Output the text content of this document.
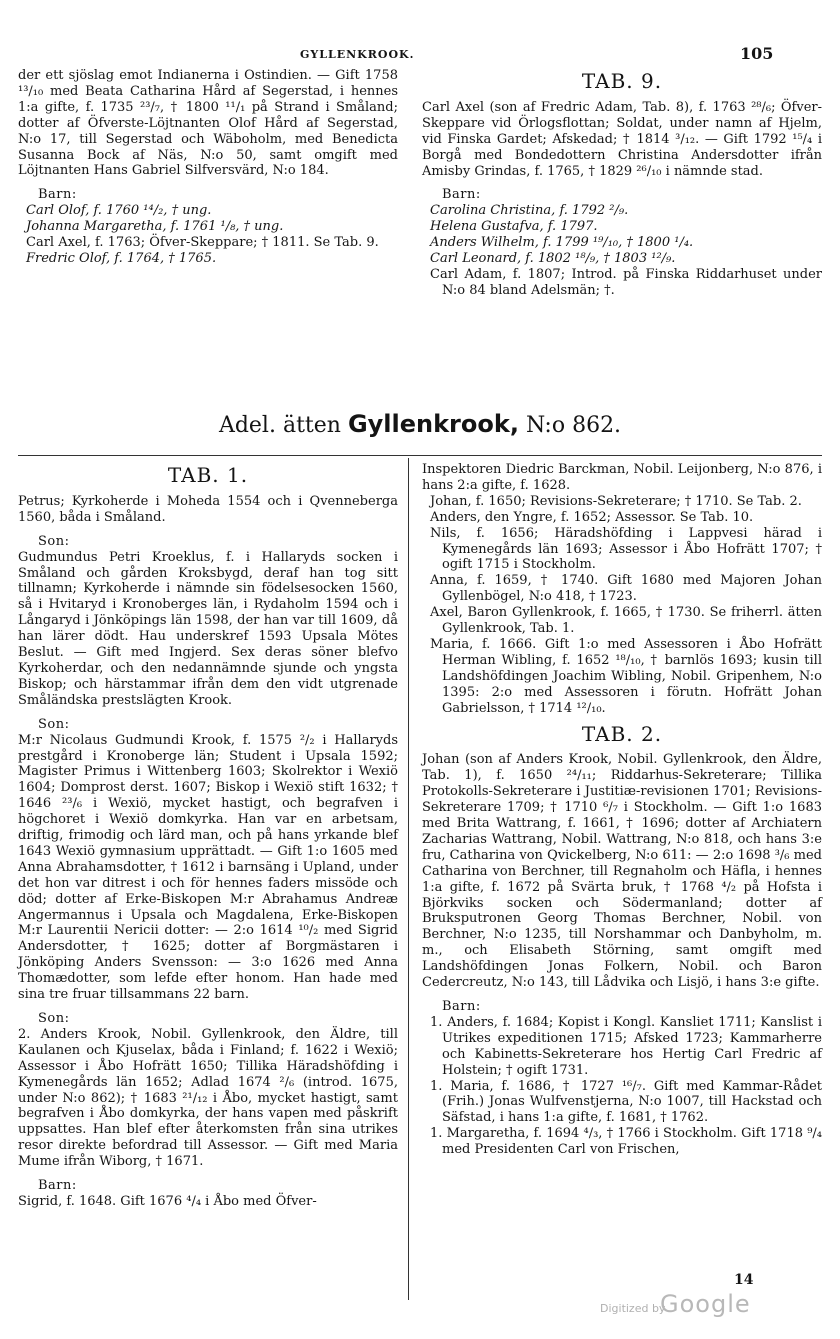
GYLLENKROOK.	105

der ett sjöslag emot Indianerna i Ostindien. — Gift 1758 ¹³/₁₀ med Beata Catharina Hård af Segerstad, i hennes 1:a gifte, f. 1735 ²³/₇, † 1800 ¹¹/₁ på Strand i Småland; dotter af Öfverste-Löjtnanten Olof Hård af Segerstad, N:o 17, till Segerstad och Wäboholm, med Benedicta Susanna Bock af Näs, N:o 50, samt omgift med Löjtnanten Hans Gabriel Silfversvärd, N:o 184.

Barn:

Carl Olof, f. 1760 ¹⁴/₂, † ung.

Johanna Margaretha, f. 1761 ¹/₈, † ung.

Carl Axel, f. 1763; Öfver-Skeppare; † 1811. Se Tab. 9.

Fredric Olof, f. 1764, † 1765.

TAB. 9.

Carl Axel (son af Fredric Adam, Tab. 8), f. 1763 ²⁸/₆; Öfver-Skeppare vid Örlogsflottan; Soldat, under namn af Hjelm, vid Finska Gardet; Afskedad; † 1814 ³/₁₂. — Gift 1792 ¹⁵/₄ i Borgå med Bondedottern Christina Andersdotter ifrån Amisby Grindas, f. 1765, † 1829 ²⁶/₁₀ i nämnde stad.

Barn:

Carolina Christina, f. 1792 ²/₉.

Helena Gustafva, f. 1797.

Anders Wilhelm, f. 1799 ¹⁹/₁₀, † 1800 ¹/₄.

Carl Leonard, f. 1802 ¹⁸/₉, † 1803 ¹²/₉.

Carl Adam, f. 1807; Introd. på Finska Riddarhuset under N:o 84 bland Adelsmän; †.

Adel. ätten Gyllenkrook, N:o 862.
TAB. 1.

Petrus; Kyrkoherde i Moheda 1554 och i Qvenneberga 1560, båda i Småland.

Son:

Gudmundus Petri Kroeklus, f. i Hallaryds socken i Småland och gården Kroksbygd, deraf han tog sitt tillnamn; Kyrkoherde i nämnde sin födelsesocken 1560, så i Hvitaryd i Kronoberges län, i Rydaholm 1594 och i Långaryd i Jönköpings län 1598, der han var till 1609, då han lärer dödt. Hau underskref 1593 Upsala Mötes Beslut. — Gift med Ingjerd. Sex deras söner blefvo Kyrkoherdar, och den nedannämnde sjunde och yngsta Biskop; och härstammar ifrån dem den vidt utgrenade Småländska prestslägten Krook.

Son:

M:r Nicolaus Gudmundi Krook, f. 1575 ²/₂ i Hallaryds prestgård i Kronoberge län; Student i Upsala 1592; Magister Primus i Wittenberg 1603; Skolrektor i Wexiö 1604; Domprost derst. 1607; Biskop i Wexiö stift 1632; † 1646 ²³/₆ i Wexiö, mycket hastigt, och begrafven i högchoret i Wexiö domkyrka. Han var en arbetsam, driftig, frimodig och lärd man, och på hans yrkande blef 1643 Wexiö gymnasium upprättadt. — Gift 1:o 1605 med Anna Abrahamsdotter, † 1612 i barnsäng i Upland, under det hon var ditrest i och för hennes faders missöde och död; dotter af Erke-Biskopen M:r Abrahamus Andreæ Angermannus i Upsala och Magdalena, Erke-Biskopen M:r Laurentii Nericii dotter: — 2:o 1614 ¹⁰/₂ med Sigrid Andersdotter, † 1625; dotter af Borgmästaren i Jönköping Anders Svensson: — 3:o 1626 med Anna Thomædotter, som lefde efter honom. Han hade med sina tre fruar tillsammans 22 barn.

Son:

2. Anders Krook, Nobil. Gyllenkrook, den Äldre, till Kaulanen och Kjuselax, båda i Finland; f. 1622 i Wexiö; Assessor i Åbo Hofrätt 1650; Tillika Häradshöfding i Kymenegårds län 1652; Adlad 1674 ²/₆ (introd. 1675, under N:o 862); † 1683 ²¹/₁₂ i Åbo, mycket hastigt, samt begrafven i Åbo domkyrka, der hans vapen med påskrift uppsattes. Han blef efter återkomsten från sina utrikes resor direkte befordrad till Assessor. — Gift med Maria Mume ifrån Wiborg, † 1671.

Barn:

Sigrid, f. 1648. Gift 1676 ⁴/₄ i Åbo med Öfver-

Inspektoren Diedric Barckman, Nobil. Leijonberg, N:o 876, i hans 2:a gifte, f. 1628.

Johan, f. 1650; Revisions-Sekreterare; † 1710. Se Tab. 2.

Anders, den Yngre, f. 1652; Assessor. Se Tab. 10.

Nils, f. 1656; Häradshöfding i Lappvesi härad i Kymenegårds län 1693; Assessor i Åbo Hofrätt 1707; † ogift 1715 i Stockholm.

Anna, f. 1659, † 1740. Gift 1680 med Majoren Johan Gyllenbögel, N:o 418, † 1723.

Axel, Baron Gyllenkrook, f. 1665, † 1730. Se friherrl. ätten Gyllenkrook, Tab. 1.

Maria, f. 1666. Gift 1:o med Assessoren i Åbo Hofrätt Herman Wibling, f. 1652 ¹⁸/₁₀, † barnlös 1693; kusin till Landshöfdingen Joachim Wibling, Nobil. Gripenhem, N:o 1395: 2:o med Assessoren i förutn. Hofrätt Johan Gabrielsson, † 1714 ¹²/₁₀.

TAB. 2.

Johan (son af Anders Krook, Nobil. Gyllenkrook, den Äldre, Tab. 1), f. 1650 ²⁴/₁₁; Riddarhus-Sekreterare; Tillika Protokolls-Sekreterare i Justitiæ-revisionen 1701; Revisions-Sekreterare 1709; † 1710 ⁶/₇ i Stockholm. — Gift 1:o 1683 med Brita Wattrang, f. 1661, † 1696; dotter af Archiatern Zacharias Wattrang, Nobil. Wattrang, N:o 818, och hans 3:e fru, Catharina von Qvickelberg, N:o 611: — 2:o 1698 ³/₆ med Catharina von Berchner, till Regnaholm och Häfla, i hennes 1:a gifte, f. 1672 på Svärta bruk, † 1768 ⁴/₂ på Hofsta i Björkviks socken och Södermanland; dotter af Bruksputronen Georg Thomas Berchner, Nobil. von Berchner, N:o 1235, till Norshammar och Danbyholm, m. m., och Elisabeth Störning, samt omgift med Landshöfdingen Jonas Folkern, Nobil. och Baron Cedercreutz, N:o 143, till Lådvika och Lisjö, i hans 3:e gifte.

Barn:

1. Anders, f. 1684; Kopist i Kongl. Kansliet 1711; Kanslist i Utrikes expeditionen 1715; Afsked 1723; Kammarherre och Kabinetts-Sekreterare hos Hertig Carl Fredric af Holstein; † ogift 1731.

1. Maria, f. 1686, † 1727 ¹⁶/₇. Gift med Kammar-Rådet (Frih.) Jonas Wulfvenstjerna, N:o 1007, till Hackstad och Säfstad, i hans 1:a gifte, f. 1681, † 1762.

1. Margaretha, f. 1694 ⁴/₃, † 1766 i Stockholm. Gift 1718 ⁹/₄ med Presidenten Carl von Frischen,

14
Digitized by
Google
